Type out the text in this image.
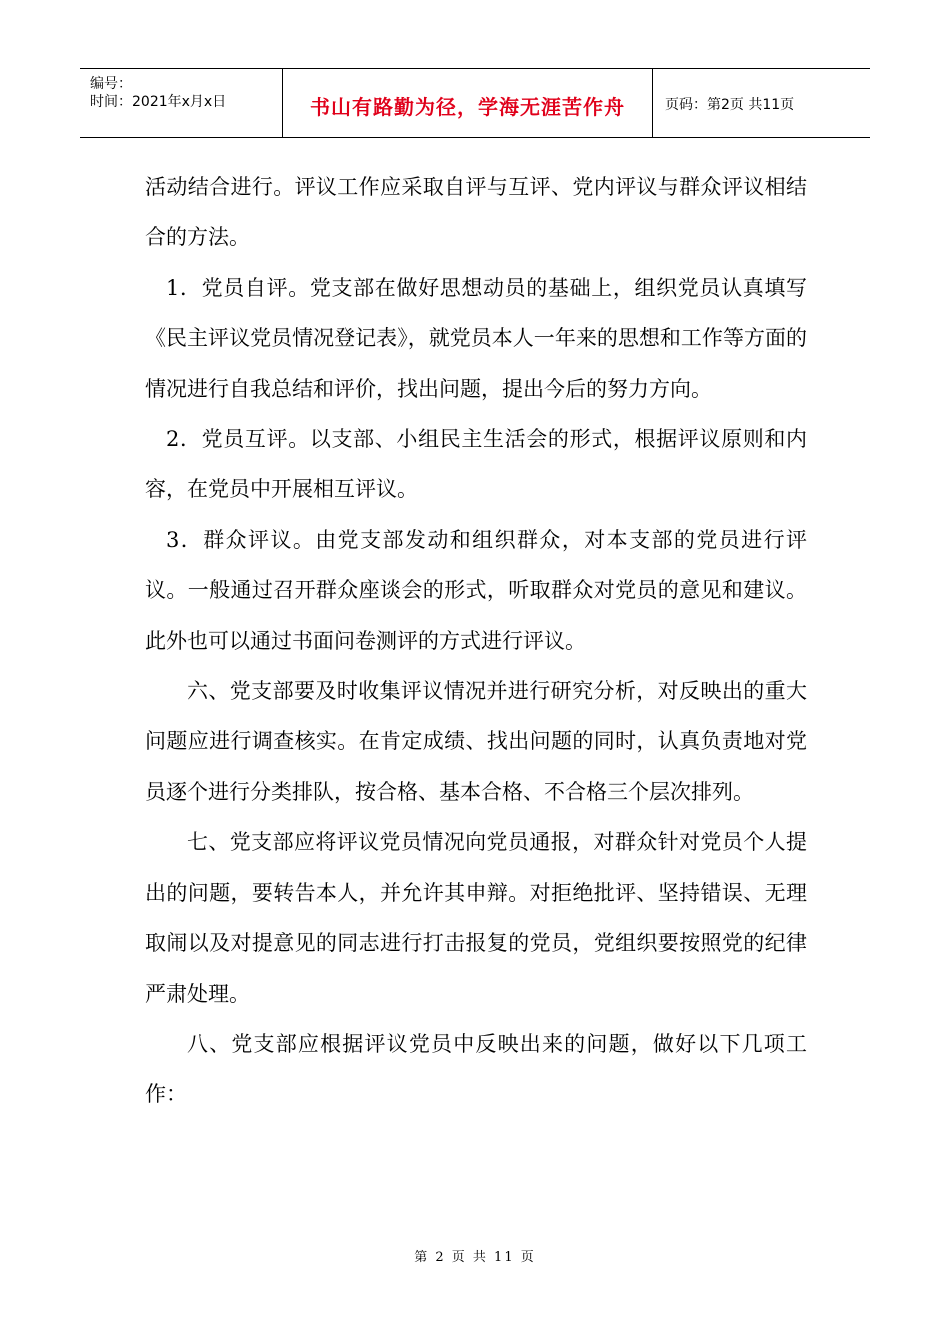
编号：
时间：2021年x月x日	书山有路勤为径，学海无涯苦作舟	页码：第2页 共11页

活动结合进行。评议工作应采取自评与互评、党内评议与群众评议相结合的方法。

1．党员自评。党支部在做好思想动员的基础上，组织党员认真填写《民主评议党员情况登记表》，就党员本人一年来的思想和工作等方面的情况进行自我总结和评价，找出问题，提出今后的努力方向。

2．党员互评。以支部、小组民主生活会的形式，根据评议原则和内容，在党员中开展相互评议。

3．群众评议。由党支部发动和组织群众，对本支部的党员进行评议。一般通过召开群众座谈会的形式，听取群众对党员的意见和建议。此外也可以通过书面问卷测评的方式进行评议。

六、党支部要及时收集评议情况并进行研究分析，对反映出的重大问题应进行调查核实。在肯定成绩、找出问题的同时，认真负责地对党员逐个进行分类排队，按合格、基本合格、不合格三个层次排列。

七、党支部应将评议党员情况向党员通报，对群众针对党员个人提出的问题，要转告本人，并允许其申辩。对拒绝批评、坚持错误、无理取闹以及对提意见的同志进行打击报复的党员，党组织要按照党的纪律严肃处理。

八、党支部应根据评议党员中反映出来的问题，做好以下几项工作：

第 2 页 共 11 页
